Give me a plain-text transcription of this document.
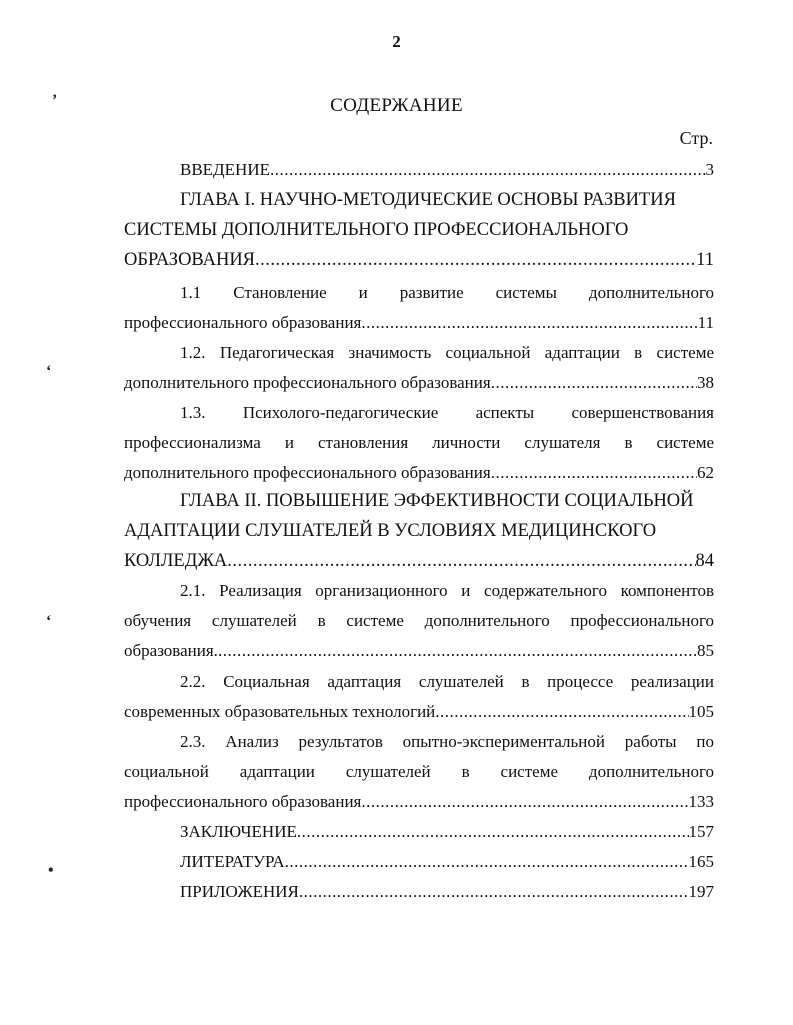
2
СОДЕРЖАНИЕ
Стр.
’
‘
‘
•
ВВЕДЕНИЕ .....	3
ГЛАВА I. НАУЧНО-МЕТОДИЧЕСКИЕ ОСНОВЫ РАЗВИТИЯ
СИСТЕМЫ ДОПОЛНИТЕЛЬНОГО ПРОФЕССИОНАЛЬНОГО
ОБРАЗОВАНИЯ .....	11
1.1 Становление и развитие системы дополнительного
профессионального образования .....	11
1.2. Педагогическая значимость социальной адаптации в системе
дополнительного профессионального образования .....	38
1.3. Психолого-педагогические аспекты совершенствования
профессионализма и становления личности слушателя в системе
дополнительного профессионального образования .....	62
ГЛАВА II. ПОВЫШЕНИЕ ЭФФЕКТИВНОСТИ СОЦИАЛЬНОЙ
АДАПТАЦИИ СЛУШАТЕЛЕЙ В УСЛОВИЯХ МЕДИЦИНСКОГО
КОЛЛЕДЖА .....	84
2.1. Реализация организационного и содержательного компонентов
обучения слушателей в системе дополнительного профессионального
образования. .....	85
2.2. Социальная адаптация слушателей в процессе реализации
современных образовательных технологий .....	105
2.3. Анализ результатов опытно-экспериментальной работы по
социальной адаптации слушателей в системе дополнительного
профессионального образования .....	133
ЗАКЛЮЧЕНИЕ .....	157
ЛИТЕРАТУРА .....	165
ПРИЛОЖЕНИЯ .....	197
